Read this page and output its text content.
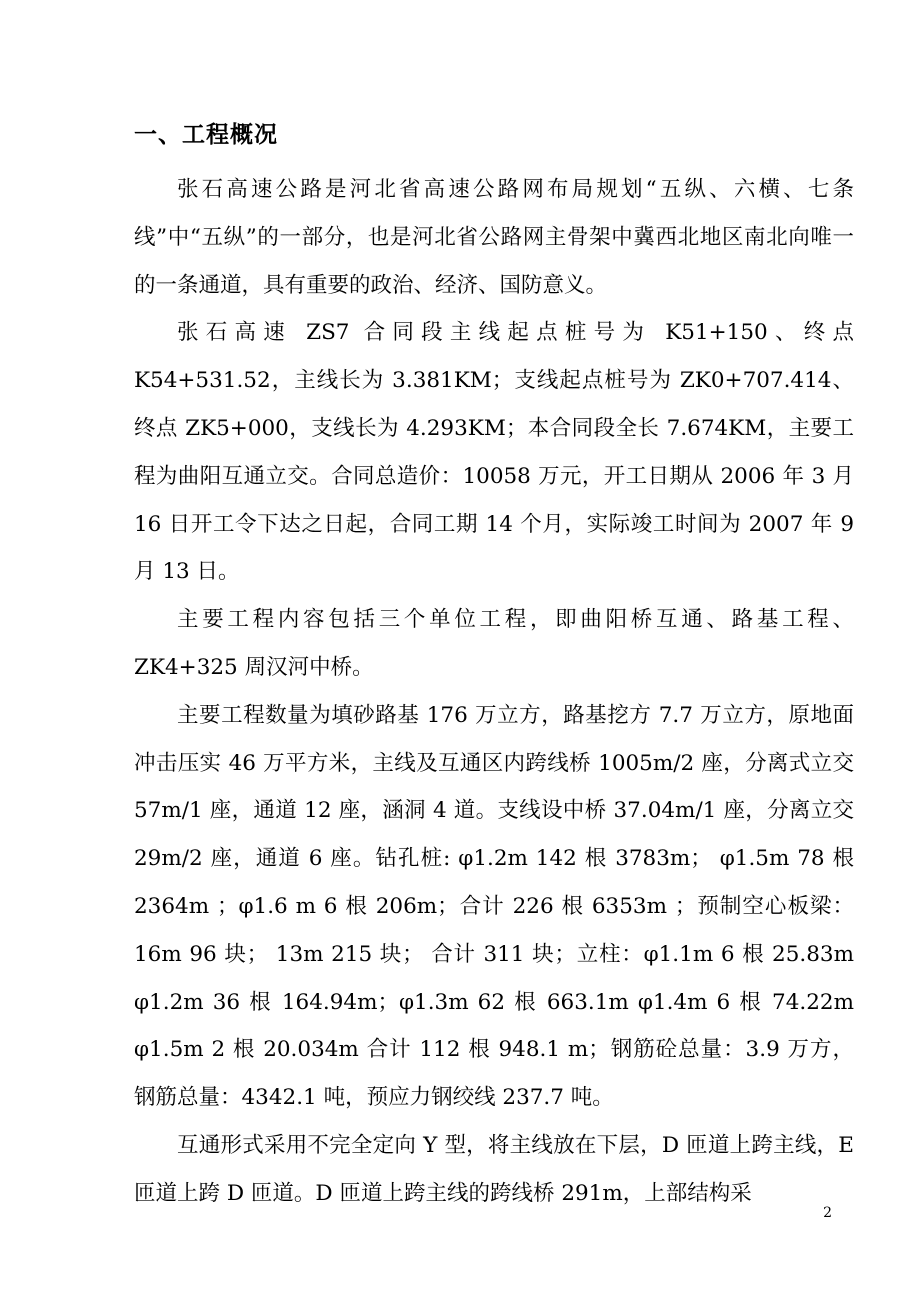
一、工程概况

张石高速公路是河北省高速公路网布局规划“五纵、六横、七条线”中“五纵”的一部分，也是河北省公路网主骨架中冀西北地区南北向唯一的一条通道，具有重要的政治、经济、国防意义。

张石高速 ZS7 合同段主线起点桩号为 K51+150、终点 K54+531.52，主线长为 3.381KM；支线起点桩号为 ZK0+707.414、终点 ZK5+000，支线长为 4.293KM；本合同段全长 7.674KM，主要工程为曲阳互通立交。合同总造价：10058 万元，开工日期从 2006 年 3 月 16 日开工令下达之日起，合同工期 14 个月，实际竣工时间为 2007 年 9 月 13 日。

主要工程内容包括三个单位工程，即曲阳桥互通、路基工程、ZK4+325 周汉河中桥。

主要工程数量为填砂路基 176 万立方，路基挖方 7.7 万立方，原地面冲击压实 46 万平方米，主线及互通区内跨线桥 1005m/2 座，分离式立交 57m/1 座，通道 12 座，涵洞 4 道。支线设中桥 37.04m/1 座，分离立交 29m/2 座，通道 6 座。钻孔桩: φ1.2m 142 根 3783m； φ1.5m 78 根 2364m ；φ1.6 m 6 根 206m；合计 226 根 6353m ；预制空心板梁：16m 96 块； 13m 215 块； 合计 311 块；立柱：φ1.1m 6 根 25.83m φ1.2m 36 根 164.94m；φ1.3m 62 根 663.1m φ1.4m 6 根 74.22m φ1.5m 2 根 20.034m 合计 112 根 948.1 m；钢筋砼总量：3.9 万方，钢筋总量：4342.1 吨，预应力钢绞线 237.7 吨。

互通形式采用不完全定向 Y 型，将主线放在下层，D 匝道上跨主线，E 匝道上跨 D 匝道。D 匝道上跨主线的跨线桥 291m，上部结构采

2
